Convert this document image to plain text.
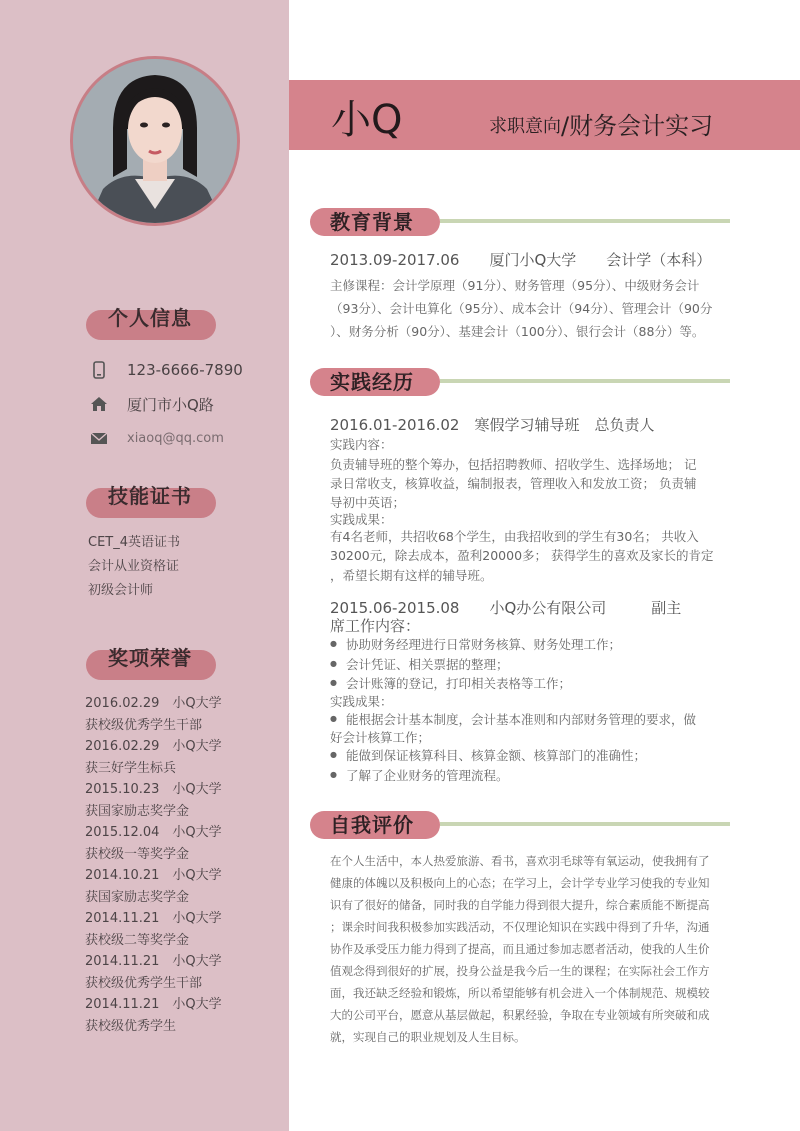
个人信息
123-6666-7890
厦门市小Q路
xiaoq@qq.com
技能证书
CET_4英语证书
会计从业资格证
初级会计师
奖项荣誉
2016.02.29　小Q大学
获校级优秀学生干部
2016.02.29　小Q大学
获三好学生标兵
2015.10.23　小Q大学
获国家励志奖学金
2015.12.04　小Q大学
获校级一等奖学金
2014.10.21　小Q大学
获国家励志奖学金
2014.11.21　小Q大学
获校级二等奖学金
2014.11.21　小Q大学
获校级优秀学生干部
2014.11.21　小Q大学
获校级优秀学生
小Q	求职意向/财务会计实习
教育背景
2013.09-2017.06　　厦门小Q大学　　会计学（本科）
主修课程：会计学原理（91分）、财务管理（95分）、中级财务会计
（93分）、会计电算化（95分）、成本会计（94分）、管理会计（90分
）、财务分析（90分）、基建会计（100分）、银行会计（88分）等。
实践经历
2016.01-2016.02　寒假学习辅导班　总负责人
实践内容：
负责辅导班的整个筹办，包括招聘教师、招收学生、选择场地； 记
录日常收支，核算收益，编制报表，管理收入和发放工资； 负责辅
导初中英语；
实践成果：
有4名老师，共招收68个学生，由我招收到的学生有30名； 共收入
30200元，除去成本，盈利20000多； 获得学生的喜欢及家长的肯定
，希望长期有这样的辅导班。
2015.06-2015.08　　小Q办公有限公司　　　副主
席工作内容：
● 协助财务经理进行日常财务核算、财务处理工作；
● 会计凭证、相关票据的整理；
● 会计账簿的登记，打印相关表格等工作；
实践成果：
● 能根据会计基本制度，会计基本准则和内部财务管理的要求，做
好会计核算工作；
● 能做到保证核算科目、核算金额、核算部门的准确性；
● 了解了企业财务的管理流程。
自我评价
在个人生活中，本人热爱旅游、看书，喜欢羽毛球等有氧运动，使我拥有了
健康的体魄以及积极向上的心态；在学习上，会计学专业学习使我的专业知
识有了很好的储备，同时我的自学能力得到很大提升，综合素质能不断提高
；课余时间我积极参加实践活动，不仅理论知识在实践中得到了升华，沟通
协作及承受压力能力得到了提高，而且通过参加志愿者活动，使我的人生价
值观念得到很好的扩展，投身公益是我今后一生的课程；在实际社会工作方
面，我还缺乏经验和锻炼，所以希望能够有机会进入一个体制规范、规模较
大的公司平台，愿意从基层做起，积累经验，争取在专业领域有所突破和成
就，实现自己的职业规划及人生目标。
